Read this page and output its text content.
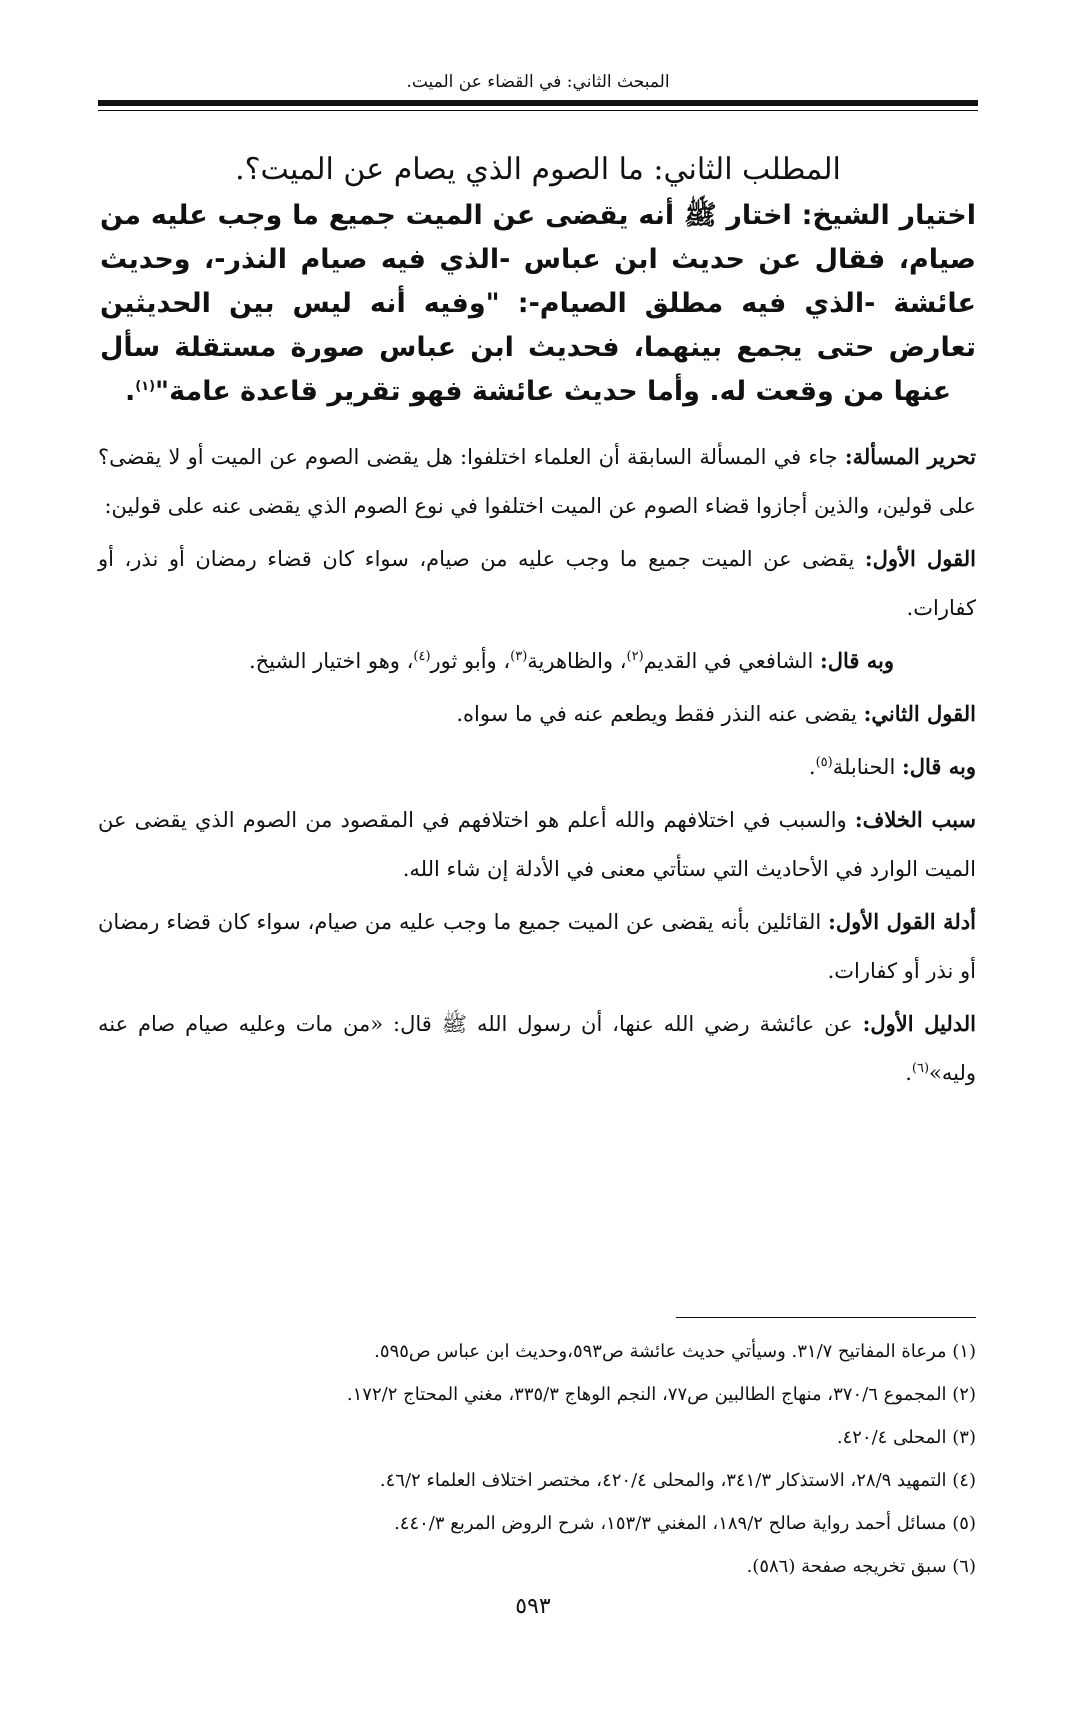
المبحث الثاني: في القضاء عن الميت.
المطلب الثاني: ما الصوم الذي يصام عن الميت؟.

اختيار الشيخ: اختار ﷺ أنه يقضى عن الميت جميع ما وجب عليه من صيام، فقال عن حديث ابن عباس -الذي فيه صيام النذر-، وحديث عائشة -الذي فيه مطلق الصيام-: "وفيه أنه ليس بين الحديثين تعارض حتى يجمع بينهما، فحديث ابن عباس صورة مستقلة سأل عنها من وقعت له. وأما حديث عائشة فهو تقرير قاعدة عامة"$^{(١)}$.

تحرير المسألة: جاء في المسألة السابقة أن العلماء اختلفوا: هل يقضى الصوم عن الميت أو لا يقضى؟ على قولين، والذين أجازوا قضاء الصوم عن الميت اختلفوا في نوع الصوم الذي يقضى عنه على قولين:

القول الأول: يقضى عن الميت جميع ما وجب عليه من صيام، سواء كان قضاء رمضان أو نذر، أو كفارات.

وبه قال: الشافعي في القديم$^{(٢)}$، والظاهرية$^{(٣)}$، وأبو ثور$^{(٤)}$، وهو اختيار الشيخ.

القول الثاني: يقضى عنه النذر فقط ويطعم عنه في ما سواه.

وبه قال: الحنابلة$^{(٥)}$.

سبب الخلاف: والسبب في اختلافهم والله أعلم هو اختلافهم في المقصود من الصوم الذي يقضى عن الميت الوارد في الأحاديث التي ستأتي معنى في الأدلة إن شاء الله.

أدلة القول الأول: القائلين بأنه يقضى عن الميت جميع ما وجب عليه من صيام، سواء كان قضاء رمضان أو نذر أو كفارات.

الدليل الأول: عن عائشة رضي الله عنها، أن رسول الله ﷺ قال: «من مات وعليه صيام صام عنه وليه»$^{(٦)}$.

(١) مرعاة المفاتيح ٣١/٧. وسيأتي حديث عائشة ص٥٩٣،وحديث ابن عباس ص٥٩٥.
(٢) المجموع ٣٧٠/٦، منهاج الطالبين ص٧٧، النجم الوهاج ٣٣٥/٣، مغني المحتاج ١٧٢/٢.
(٣) المحلى ٤٢٠/٤.
(٤) التمهيد ٢٨/٩، الاستذكار ٣٤١/٣، والمحلى ٤٢٠/٤، مختصر اختلاف العلماء ٤٦/٢.
(٥) مسائل أحمد رواية صالح ١٨٩/٢، المغني ١٥٣/٣، شرح الروض المربع ٤٤٠/٣.
(٦) سبق تخريجه صفحة (٥٨٦).
٥٩٣
